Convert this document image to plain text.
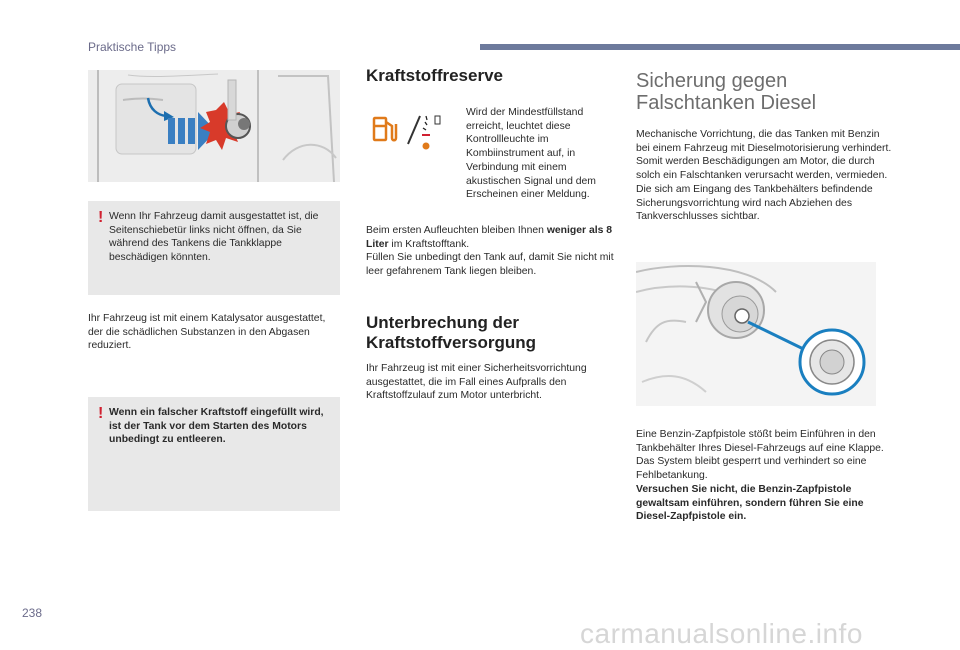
Praktische Tipps
! Wenn Ihr Fahrzeug damit ausgestattet ist, die Seitenschiebetür links nicht öffnen, da Sie während des Tankens die Tankklappe beschädigen könnten.
Ihr Fahrzeug ist mit einem Katalysator ausgestattet, der die schädlichen Substanzen in den Abgasen reduziert.
! Wenn ein falscher Kraftstoff eingefüllt wird, ist der Tank vor dem Starten des Motors unbedingt zu entleeren.
Kraftstoffreserve
Wird der Mindestfüllstand erreicht, leuchtet diese Kontrollleuchte im Kombiinstrument auf, in Verbindung mit einem akustischen Signal und dem Erscheinen einer Meldung.
Beim ersten Aufleuchten bleiben Ihnen weniger als 8 Liter im Kraftstofftank.
Füllen Sie unbedingt den Tank auf, damit Sie nicht mit leer gefahrenem Tank liegen bleiben.
Unterbrechung der Kraftstoffversorgung
Ihr Fahrzeug ist mit einer Sicherheitsvorrichtung ausgestattet, die im Fall eines Aufpralls den Kraftstoffzulauf zum Motor unterbricht.
Sicherung gegen Falschtanken Diesel
Mechanische Vorrichtung, die das Tanken mit Benzin bei einem Fahrzeug mit Dieselmotorisierung verhindert. Somit werden Beschädigungen am Motor, die durch solch ein Falschtanken verursacht werden, vermieden.
Die sich am Eingang des Tankbehälters befindende Sicherungsvorrichtung wird nach Abziehen des Tankverschlusses sichtbar.
Eine Benzin-Zapfpistole stößt beim Einführen in den Tankbehälter Ihres Diesel-Fahrzeugs auf eine Klappe. Das System bleibt gesperrt und verhindert so eine Fehlbetankung.
Versuchen Sie nicht, die Benzin-Zapfpistole gewaltsam einführen, sondern führen Sie eine Diesel-Zapfpistole ein.
238
carmanualsonline.info
